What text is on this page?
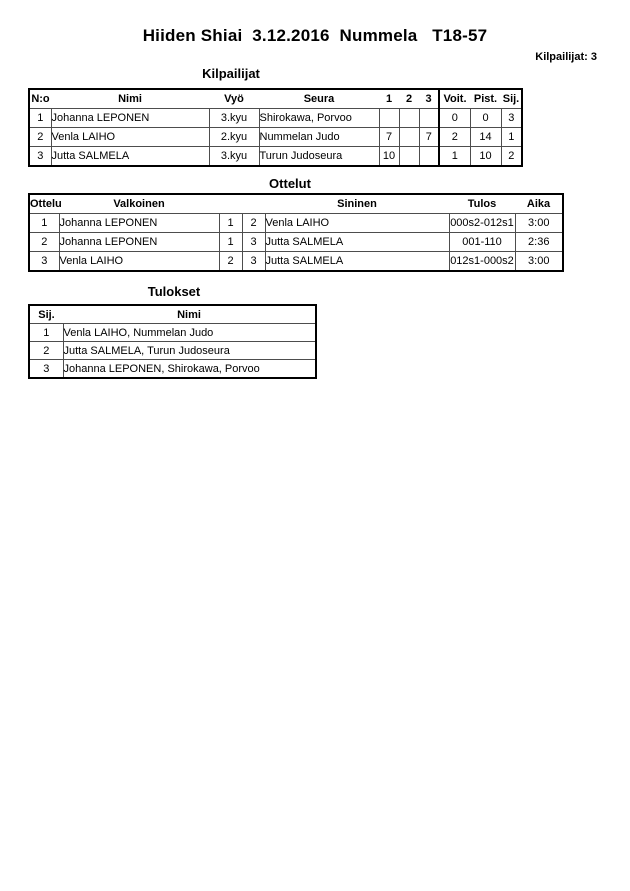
Hiiden Shiai  3.12.2016  Nummela   T18-57
Kilpailijat: 3
Kilpailijat
N:o	Nimi	Vyö	Seura	1	2	3	Voit.	Pist.	Sij.
1	Johanna LEPONEN	3.kyu	Shirokawa, Porvoo				0	0	3
2	Venla LAIHO	2.kyu	Nummelan Judo	7		7	2	14	1
3	Jutta SALMELA	3.kyu	Turun Judoseura	10			1	10	2
Ottelut
Ottelu	Valkoinen			Sininen	Tulos	Aika
1	Johanna LEPONEN	1	2	Venla LAIHO	000s2-012s1	3:00
2	Johanna LEPONEN	1	3	Jutta SALMELA	001-110	2:36
3	Venla LAIHO	2	3	Jutta SALMELA	012s1-000s2	3:00
Tulokset
Sij.	Nimi
1	Venla LAIHO, Nummelan Judo
2	Jutta SALMELA, Turun Judoseura
3	Johanna LEPONEN, Shirokawa, Porvoo
